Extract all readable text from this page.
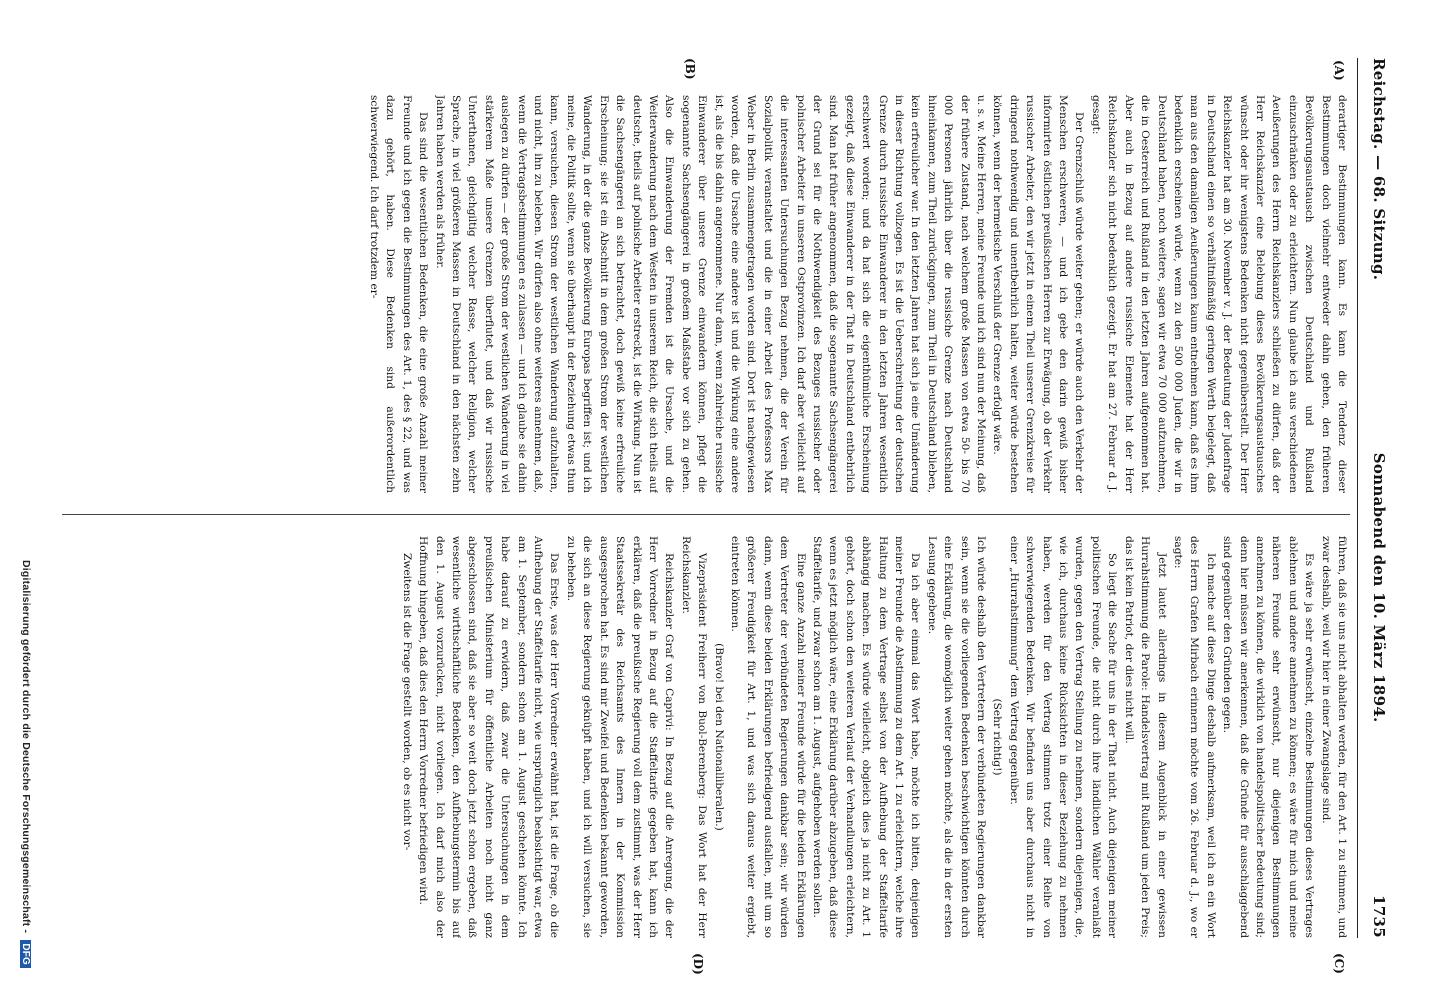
Reichstag. — 68. Sitzung.
Sonnabend den 10. März 1894.
1735
(A)
(B)
(C)
(D)

derartiger Bestimmungen kann. Es kann die Tendenz dieser Bestimmungen doch vielmehr entweder dahin gehen, den früheren Bevölkerungsaustausch zwischen Deutschland und Rußland einzuschränken oder zu erleichtern. Nun glaube ich aus verschiedenen Aeußerungen des Herrn Reichskanzlers schließen zu dürfen, daß der Herr Reichskanzler eine Belebung dieses Bevölkerungsaustausches wünscht oder ihr wenigstens Bedenken nicht gegenüberstellt. Der Herr Reichskanzler hat am 30. November v. J. der Bedeutung der Judenfrage in Deutschland einen so verhältnißmäßig geringen Werth beigelegt, daß man aus den damaligen Aeußerungen kaum entnehmen kann, daß es ihm bedenklich erscheinen würde, wenn zu den 500 000 Juden, die wir in Deutschland haben, noch weitere, sagen wir etwa 70 000 aufzunehmen, die in Oesterreich und Rußland in den letzten Jahren aufgenommen hat. Aber auch in Bezug auf andere russische Elemente hat der Herr Reichskanzler sich nicht bedenklich gezeigt. Er hat am 27. Februar d. J. gesagt:

Der Grenzschluß würde weiter gehen; er würde auch den Verkehr der Menschen erschweren, — und ich gebe den darin gewiß bisher informirten östlichen preußischen Herren zur Erwägung, ob der Verkehr russischer Arbeiter, den wir jetzt in einem Theil unserer Grenzkreise für dringend nothwendig und unentbehrlich halten, weiter würde bestehen können, wenn der hermetische Verschluß der Grenze erfolgt wäre.

u. s. w. Meine Herren, meine Freunde und ich sind nun der Meinung, daß der frühere Zustand, nach welchem große Massen von etwa 50- bis 70 000 Personen jährlich über die russische Grenze nach Deutschland hineinkamen, zum Theil zurückgingen, zum Theil in Deutschland blieben, kein erfreulicher war. In den letzten Jahren hat sich ja eine Umänderung in dieser Richtung vollzogen. Es ist die Ueberschreitung der deutschen Grenze durch russische Einwanderer in den letzten Jahren wesentlich erschwert worden; und da hat sich die eigenthümliche Erscheinung gezeigt, daß diese Einwanderer in der That in Deutschland entbehrlich sind. Man hat früher angenommen, daß die sogenannte Sachsengängerei der Grund sei für die Nothwendigkeit des Bezuges russischer oder polnischer Arbeiter in unseren Ostprovinzen. Ich darf aber vielleicht auf die interessanten Untersuchungen Bezug nehmen, die der Verein für Sozialpolitik veranstaltet und die in einer Arbeit des Professors Max Weber in Berlin zusammengetragen worden sind. Dort ist nachgewiesen worden, daß die Ursache eine andere ist und die Wirkung eine andere ist, als die bis dahin angenommene. Nur dann, wenn zahlreiche russische Einwanderer über unsere Grenze einwandern können, pflegt die sogenannte Sachsengängerei in großem Maßstabe vor sich zu gehen. Also die Einwanderung der Fremden ist die Ursache, und die Weiterwanderung nach dem Westen in unserem Reich, die sich theils auf deutsche, theils auf polnische Arbeiter erstreckt, ist die Wirkung. Nun ist die Sachsengängerei an sich betrachtet, doch gewiß keine erfreuliche Erscheinung; sie ist ein Abschnitt in dem großen Strom der westlichen Wanderung, in der die ganze Bevölkerung Europas begriffen ist; und ich meine, die Politik sollte, wenn sie überhaupt in der Beziehung etwas thun kann, versuchen, diesen Strom der westlichen Wanderung aufzuhalten, und nicht, ihn zu beleben. Wir dürfen also ohne weiteres annehmen, daß, wenn die Vertragsbestimmungen es zulassen — und ich glaube sie dahin auslegen zu dürfen — der große Strom der westlichen Wanderung in viel stärkerem Maße unsere Grenzen überflutet, und daß wir russische Unterthanen, gleichgiltig welcher Rasse, welcher Religion, welcher Sprache, in viel größeren Massen in Deutschland in den nächsten zehn Jahren haben werden als früher.

Das sind die wesentlichen Bedenken, die eine große Anzahl meiner Freunde und ich gegen die Bestimmungen des Art. 1, des § 22, und was dazu gehört, haben. Diese Bedenken sind außerordentlich schwerwiegend. Ich darf trotzdem er-

führen, daß sie uns nicht abhalten werden, für den Art. 1 zu stimmen, und zwar deshalb, weil wir hier in einer Zwangslage sind.

Es wäre ja sehr erwünscht, einzelne Bestimmungen dieses Vertrages ablehnen und andere annehmen zu können; es wäre für mich und meine näheren Freunde sehr erwünscht, nur diejenigen Bestimmungen annehmen zu können, die wirklich von handelspolitischer Bedeutung sind; denn hier müssen wir anerkennen, daß die Gründe für ausschlaggebend sind gegenüber den Gründen gegen.

Ich mache auf diese Dinge deshalb aufmerksam, weil ich an ein Wort des Herrn Grafen Mirbach erinnern möchte vom 26. Februar d. J., wo er sagte:

Jetzt lautet allerdings in diesem Augenblick in einer gewissen Hurrahstimmung die Parole: Handelsvertrag mit Rußland um jeden Preis; das ist kein Patriot, der dies nicht will.

So liegt die Sache für uns in der That nicht. Auch diejenigen meiner politischen Freunde, die nicht durch ihre ländlichen Wähler veranlaßt wurden, gegen den Vertrag Stellung zu nehmen, sondern diejenigen, die, wie ich, durchaus keine Rücksichten in dieser Beziehung zu nehmen haben, werden für den Vertrag stimmen trotz einer Reihe von schwerwiegenden Bedenken. Wir befinden uns aber durchaus nicht in einer „Hurrahstimmung“ dem Vertrag gegenüber.

(Sehr richtig!)

Ich würde deshalb den Vertretern der verbündeten Regierungen dankbar sein, wenn sie die vorliegenden Bedenken beschwichtigen könnten durch eine Erklärung, die womöglich weiter gehen möchte, als die in der ersten Lesung gegebene.

Da ich aber einmal das Wort habe, möchte ich bitten, denjenigen meiner Freunde die Abstimmung zu dem Art. 1 zu erleichtern, welche ihre Haltung zu dem Vertrage selbst von der Aufhebung der Staffeltarife abhängig machen. Es würde vielleicht, obgleich dies ja nicht zu Art. 1 gehört, doch schon den weiteren Verlauf der Verhandlungen erleichtern, wenn es jetzt möglich wäre, eine Erklärung darüber abzugeben, daß diese Staffeltarife, und zwar schon am 1. August, aufgehoben werden sollen.

Eine ganze Anzahl meiner Freunde würde für die beiden Erklärungen dem Vertreter der verbündeten Regierungen dankbar sein; wir würden dann, wenn diese beiden Erklärungen befriedigend ausfallen, mit um so größerer Freudigkeit für Art. 1, und was sich daraus weiter ergiebt, eintreten können.

(Bravo! bei den Nationalliberalen.)

Vizepräsident Freiherr von Buol-Berenberg: Das Wort hat der Herr Reichskanzler.

Reichskanzler Graf von Caprivi: In Bezug auf die Anregung, die der Herr Vorredner in Bezug auf die Staffeltarife gegeben hat, kann ich erklären, daß die preußische Regierung voll dem zustimmt, was der Herr Staatssekretär des Reichsamts des Innern in der Kommission ausgesprochen hat. Es sind mir Zweifel und Bedenken bekannt geworden, die sich an diese Regierung geknüpft haben, und ich will versuchen, sie zu beheben.

Das Erste, was der Herr Vorredner erwähnt hat, ist die Frage, ob die Aufhebung der Staffeltarife nicht, wie ursprünglich beabsichtigt war, etwa am 1. September, sondern schon am 1. August geschehen könnte. Ich habe darauf zu erwidern, daß zwar die Untersuchungen in dem preußischen Ministerium für öffentliche Arbeiten noch nicht ganz abgeschlossen sind, daß sie aber so weit doch jetzt schon ergeben, daß wesentliche wirthschaftliche Bedenken, den Aufhebungstermin bis auf den 1. August vorzurücken, nicht vorliegen. Ich darf mich also der Hoffnung hingeben, daß dies den Herrn Vorredner befriedigen wird.

Zweitens ist die Frage gestellt worden, ob es nicht vor-

Digitalisierung gefördert durch die Deutsche Forschungsgemeinschaft - DFG
